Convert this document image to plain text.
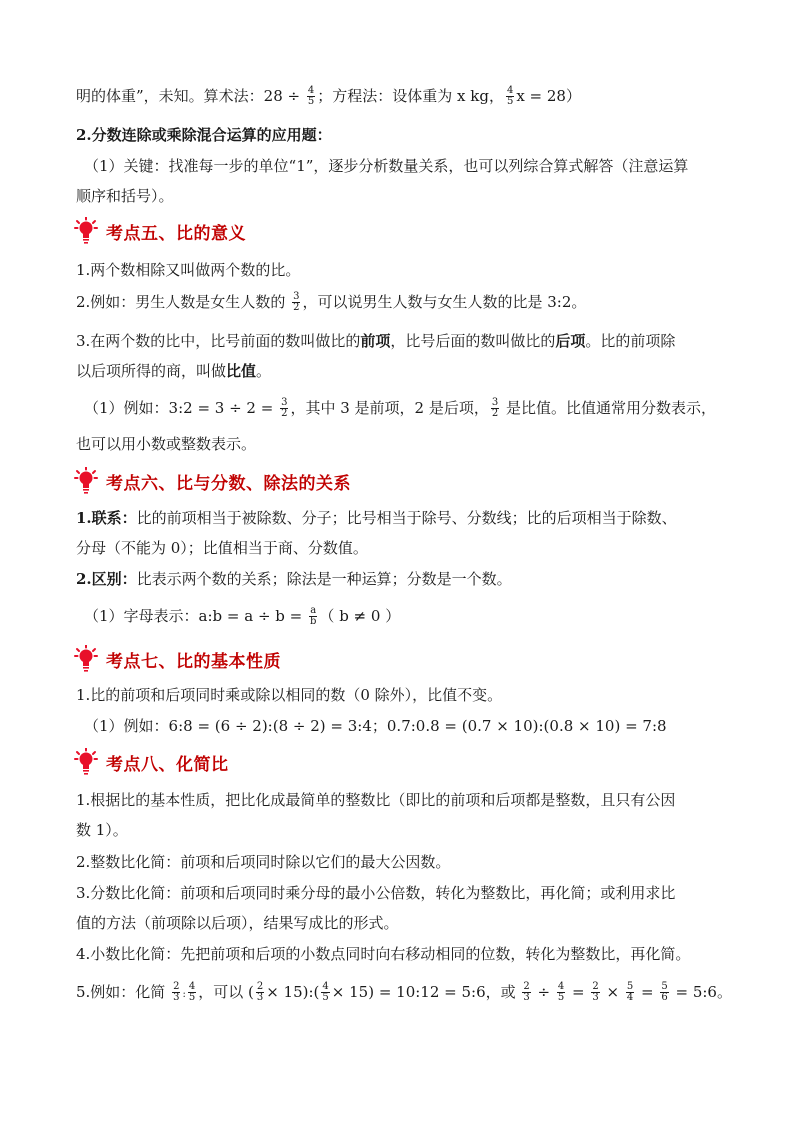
明的体重”，未知。算术法：$28 \div \frac{4}{5}$ ；方程法：设体重为 x kg， $\frac{4}{5}$ x = 28）
2.分数连除或乘除混合运算的应用题：
（1）关键：找准每一步的单位“1”，逐步分析数量关系，也可以列综合算式解答（注意运算
顺序和括号）。
考点五、比的意义
1.两个数相除又叫做两个数的比。
2.例如：男生人数是女生人数的 $\frac{3}{2}$ ，可以说男生人数与女生人数的比是 3:2。
3.在两个数的比中，比号前面的数叫做比的前项，比号后面的数叫做比的后项。比的前项除
以后项所得的商，叫做比值。
（1）例如：3:2 = $3 \div 2 = \frac{3}{2}$ ，其中 3 是前项，2 是后项， $\frac{3}{2}$ 是比值。比值通常用分数表示，
也可以用小数或整数表示。
考点六、比与分数、除法的关系
1.联系：比的前项相当于被除数、分子；比号相当于除号、分数线；比的后项相当于除数、
分母（不能为 0）；比值相当于商、分数值。
2.区别：比表示两个数的关系；除法是一种运算；分数是一个数。
（1）字母表示：a:b = $a \div b = \frac{a}{b}$ （ b ≠ 0 ）
考点七、比的基本性质
1.比的前项和后项同时乘或除以相同的数（0 除外），比值不变。
（1）例如：6:8 = (6 ÷ 2):(8 ÷ 2) = 3:4；0.7:0.8 = (0.7 × 10):(0.8 × 10) = 7:8
考点八、化简比
1.根据比的基本性质，把比化成最简单的整数比（即比的前项和后项都是整数，且只有公因
数 1）。
2.整数比化简：前项和后项同时除以它们的最大公因数。
3.分数比化简：前项和后项同时乘分母的最小公倍数，转化为整数比，再化简；或利用求比
值的方法（前项除以后项），结果写成比的形式。
4.小数比化简：先把前项和后项的小数点同时向右移动相同的位数，转化为整数比，再化简。
5.例如：化简 $\frac{2}{3}$ : $\frac{4}{5}$ ，可以 ( $\frac{2}{3}$ × 15):( $\frac{4}{5} \times 15$) = 10:12 = 5:6，或 $\frac{2}{3} \div \frac{4}{5} = \frac{2}{3} \times \frac{5}{4} = \frac{5}{6}$ = 5:6。
